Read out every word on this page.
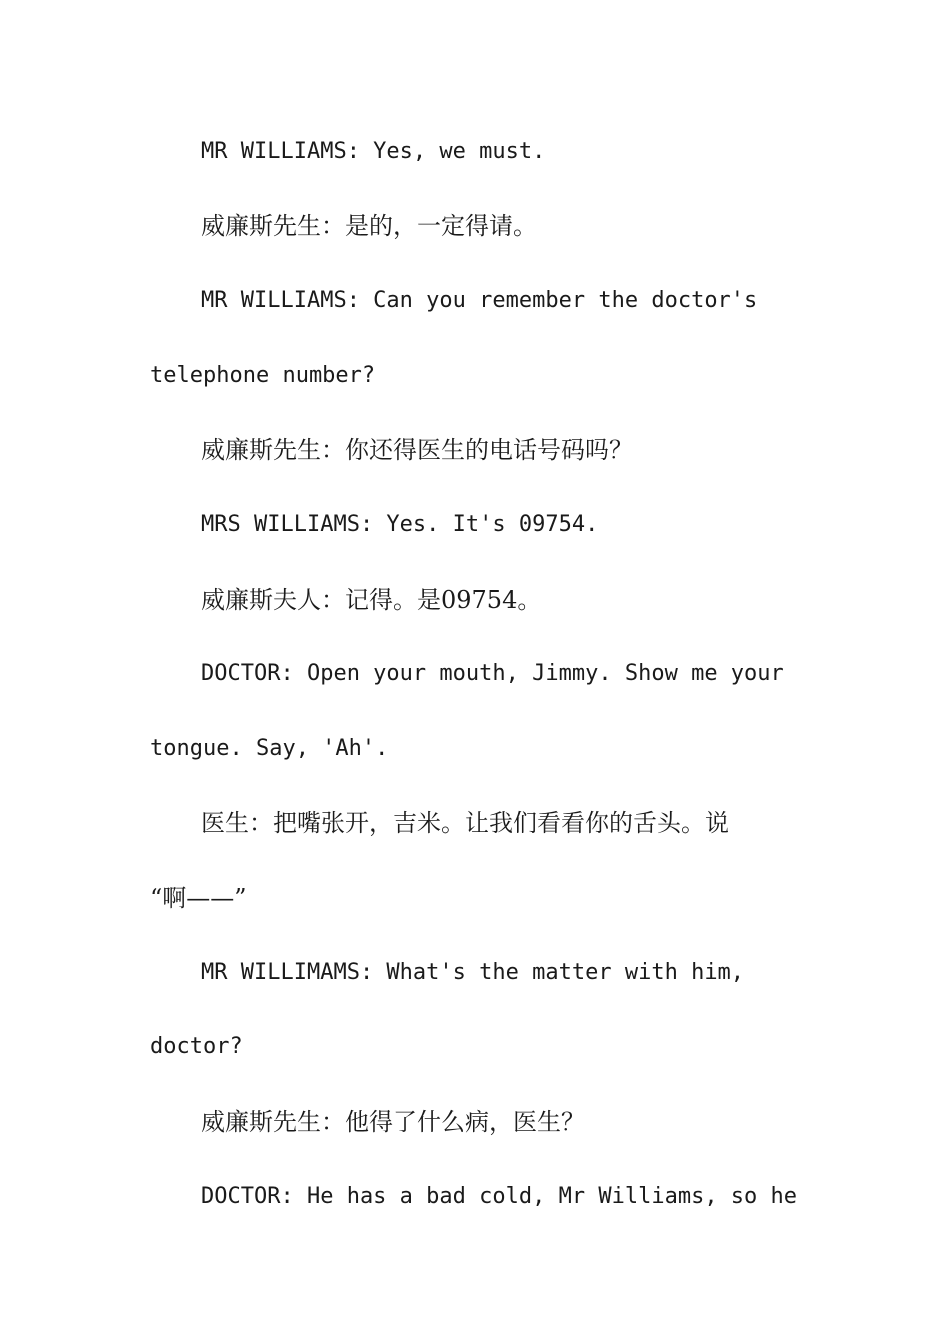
MR WILLIAMS: Yes, we must.
威廉斯先生：是的，一定得请。
MR WILLIAMS: Can you remember the doctor's
telephone number?
威廉斯先生：你还得医生的电话号码吗？
MRS WILLIAMS: Yes. It's 09754.
威廉斯夫人：记得。是09754。
DOCTOR: Open your mouth, Jimmy. Show me your
tongue. Say, 'Ah'.
医生：把嘴张开，吉米。让我们看看你的舌头。说
“啊——”
MR WILLIMAMS: What's the matter with him,
doctor?
威廉斯先生：他得了什么病，医生？
DOCTOR: He has a bad cold, Mr Williams, so he
